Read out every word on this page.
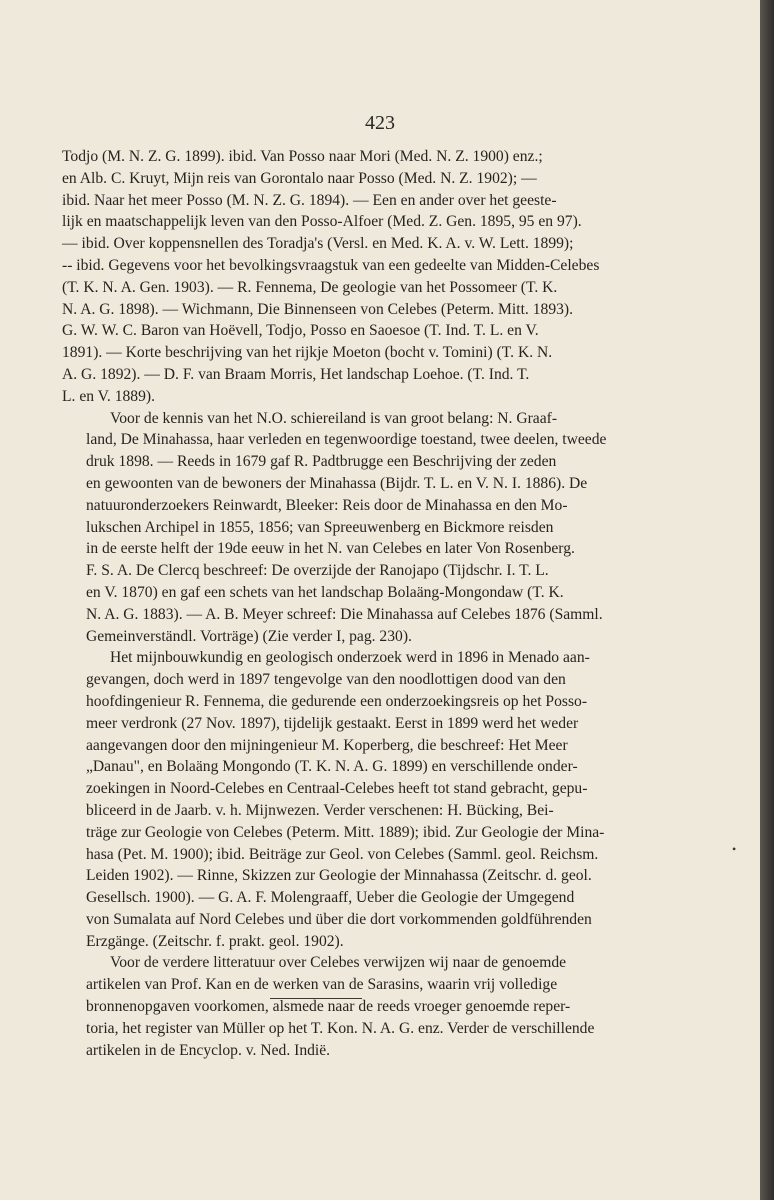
423

Todjo (M. N. Z. G. 1899). ibid. Van Posso naar Mori (Med. N. Z. 1900) enz.;
en Alb. C. Kruyt, Mijn reis van Gorontalo naar Posso (Med. N. Z. 1902); —
ibid. Naar het meer Posso (M. N. Z. G. 1894). — Een en ander over het geeste-
lijk en maatschappelijk leven van den Posso-Alfoer (Med. Z. Gen. 1895, 95 en 97).
— ibid. Over koppensnellen des Toradja's (Versl. en Med. K. A. v. W. Lett. 1899);
-- ibid. Gegevens voor het bevolkingsvraagstuk van een gedeelte van Midden-Celebes
(T. K. N. A. Gen. 1903). — R. Fennema, De geologie van het Possomeer (T. K.
N. A. G. 1898). — Wichmann, Die Binnenseen von Celebes (Peterm. Mitt. 1893).
G. W. W. C. Baron van Hoëvell, Todjo, Posso en Saoesoe (T. Ind. T. L. en V.
1891). — Korte beschrijving van het rijkje Moeton (bocht v. Tomini) (T. K. N.
A. G. 1892). — D. F. van Braam Morris, Het landschap Loehoe. (T. Ind. T.
L. en V. 1889).

Voor de kennis van het N.O. schiereiland is van groot belang: N. Graaf-
land, De Minahassa, haar verleden en tegenwoordige toestand, twee deelen, tweede
druk 1898. — Reeds in 1679 gaf R. Padtbrugge een Beschrijving der zeden
en gewoonten van de bewoners der Minahassa (Bijdr. T. L. en V. N. I. 1886). De
natuuronderzoekers Reinwardt, Bleeker: Reis door de Minahassa en den Mo-
lukschen Archipel in 1855, 1856; van Spreeuwenberg en Bickmore reisden
in de eerste helft der 19de eeuw in het N. van Celebes en later Von Rosenberg.
F. S. A. De Clercq beschreef: De overzijde der Ranojapo (Tijdschr. I. T. L.
en V. 1870) en gaf een schets van het landschap Bolaäng-Mongondaw (T. K.
N. A. G. 1883). — A. B. Meyer schreef: Die Minahassa auf Celebes 1876 (Samml.
Gemeinverständl. Vorträge) (Zie verder I, pag. 230).

Het mijnbouwkundig en geologisch onderzoek werd in 1896 in Menado aan-
gevangen, doch werd in 1897 tengevolge van den noodlottigen dood van den
hoofdingenieur R. Fennema, die gedurende een onderzoekingsreis op het Posso-
meer verdronk (27 Nov. 1897), tijdelijk gestaakt. Eerst in 1899 werd het weder
aangevangen door den mijningenieur M. Koperberg, die beschreef: Het Meer
„Danau", en Bolaäng Mongondo (T. K. N. A. G. 1899) en verschillende onder-
zoekingen in Noord-Celebes en Centraal-Celebes heeft tot stand gebracht, gepu-
bliceerd in de Jaarb. v. h. Mijnwezen. Verder verschenen: H. Bücking, Bei-
träge zur Geologie von Celebes (Peterm. Mitt. 1889); ibid. Zur Geologie der Mina-
hasa (Pet. M. 1900); ibid. Beiträge zur Geol. von Celebes (Samml. geol. Reichsm.
Leiden 1902). — Rinne, Skizzen zur Geologie der Minnahassa (Zeitschr. d. geol.
Gesellsch. 1900). — G. A. F. Molengraaff, Ueber die Geologie der Umgegend
von Sumalata auf Nord Celebes und über die dort vorkommenden goldführenden
Erzgänge. (Zeitschr. f. prakt. geol. 1902).

Voor de verdere litteratuur over Celebes verwijzen wij naar de genoemde
artikelen van Prof. Kan en de werken van de Sarasins, waarin vrij volledige
bronnenopgaven voorkomen, alsmede naar de reeds vroeger genoemde reper-
toria, het register van Müller op het T. Kon. N. A. G. enz. Verder de verschillende
artikelen in de Encyclop. v. Ned. Indië.

•
